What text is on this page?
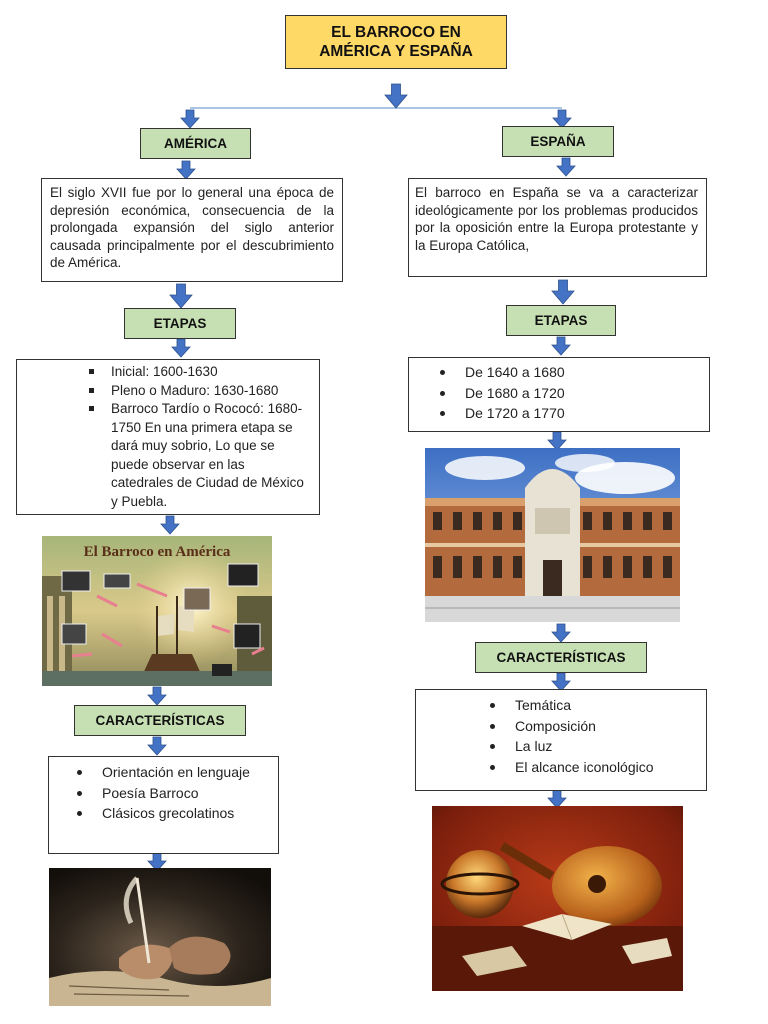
EL BARROCO EN
AMÉRICA Y ESPAÑA
AMÉRICA
El siglo XVII fue por lo general una época de depresión económica, consecuencia de la prolongada expansión del siglo anterior causada principalmente por el descubrimiento de América.
ETAPAS
Inicial: 1600-1630
Pleno o Maduro: 1630-1680
Barroco Tardío o Rococó: 1680-1750 En una primera etapa se dará muy sobrio, Lo que se puede observar en las catedrales de Ciudad de México y Puebla.
El Barroco en América
CARACTERÍSTICAS
Orientación en lenguaje
Poesía Barroco
Clásicos grecolatinos
ESPAÑA
El barroco en España se va a caracterizar ideológicamente por los problemas producidos por la oposición entre la Europa protestante y la Europa Católica,
ETAPAS
De 1640 a 1680
De 1680 a 1720
De 1720 a 1770
CARACTERÍSTICAS
Temática
Composición
La luz
El alcance iconológico
